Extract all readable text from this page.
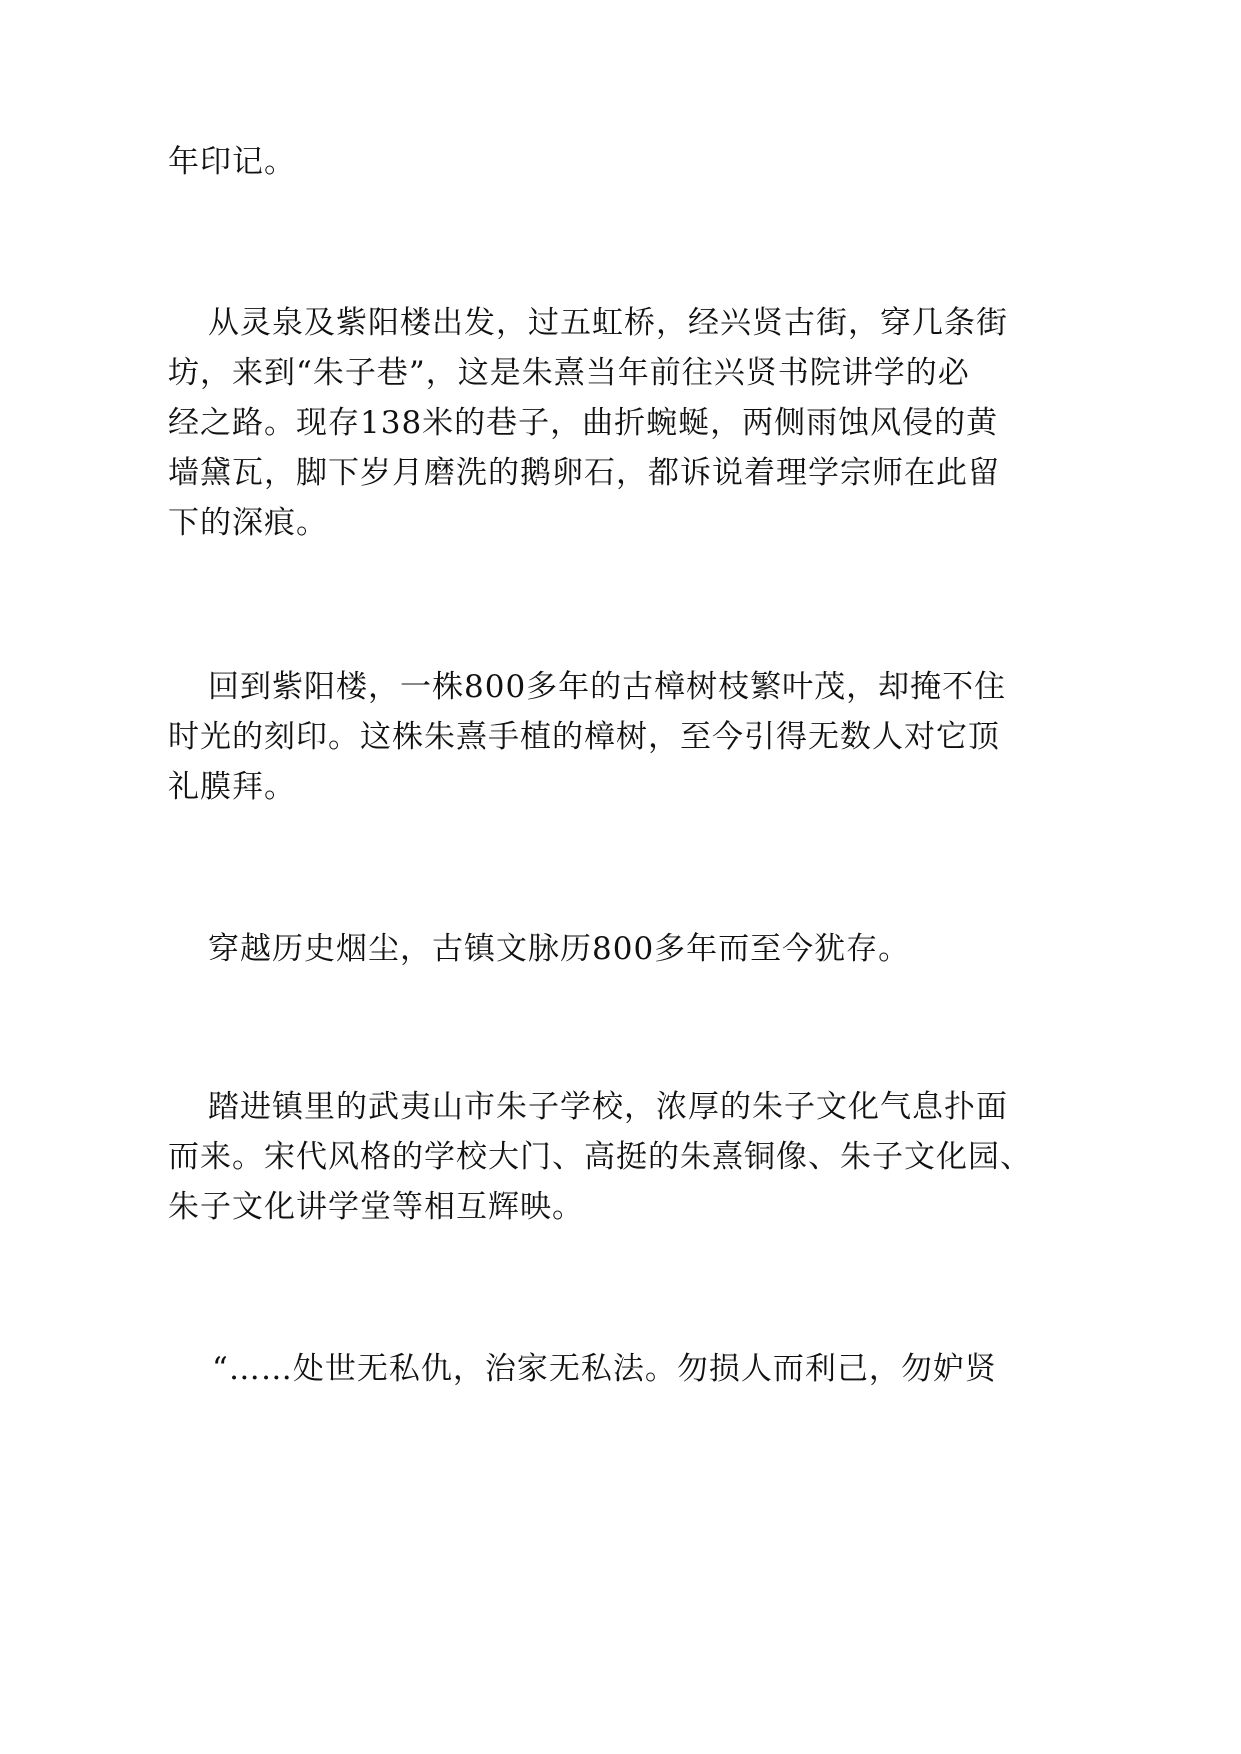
年印记。
从灵泉及紫阳楼出发，过五虹桥，经兴贤古街，穿几条街
坊，来到“朱子巷”，这是朱熹当年前往兴贤书院讲学的必
经之路。现存138米的巷子，曲折蜿蜒，两侧雨蚀风侵的黄
墙黛瓦，脚下岁月磨洗的鹅卵石，都诉说着理学宗师在此留
下的深痕。
回到紫阳楼，一株800多年的古樟树枝繁叶茂，却掩不住
时光的刻印。这株朱熹手植的樟树，至今引得无数人对它顶
礼膜拜。
穿越历史烟尘，古镇文脉历800多年而至今犹存。
踏进镇里的武夷山市朱子学校，浓厚的朱子文化气息扑面
而来。宋代风格的学校大门、高挺的朱熹铜像、朱子文化园、
朱子文化讲学堂等相互辉映。
“……处世无私仇，治家无私法。勿损人而利己，勿妒贤
